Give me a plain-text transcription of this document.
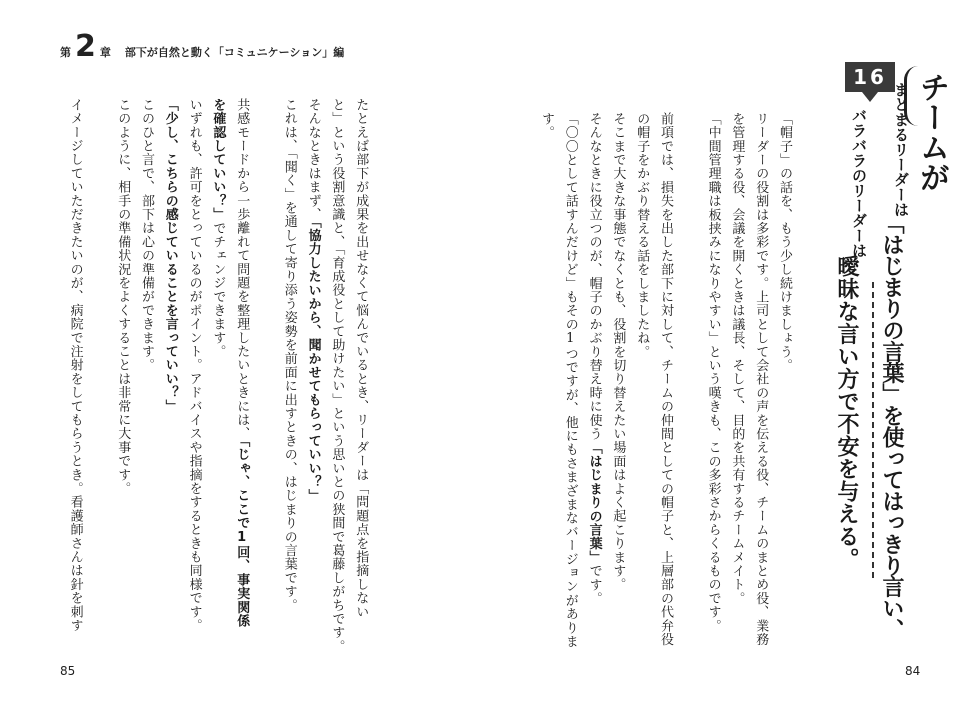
第 2 章 部下が自然と動く「コミュニケーション」編
16 チームが
まとまるリーダーは
「はじまりの言葉」を使ってはっきり言い、
バラバラのリーダーは
曖昧な言い方で不安を与える。
「帽子」の話を、もう少し続けましょう。
リーダーの役割は多彩です。上司として会社の声を伝える役、チームのまとめ役、業務
を管理する役、会議を開くときは議長、そして、目的を共有するチームメイト。
「中間管理職は板挟みになりやすい」という嘆きも、この多彩さからくるものです。
前項では、損失を出した部下に対して、チームの仲間としての帽子と、上層部の代弁役
の帽子をかぶり替える話をしましたね。
そこまで大きな事態でなくとも、役割を切り替えたい場面はよく起こります。
そんなときに役立つのが、帽子のかぶり替え時に使う「はじまりの言葉」です。
「〇〇として話すんだけど」もその1つですが、他にもさまざまなバージョンがありま
す。
たとえば部下が成果を出せなくて悩んでいるとき、リーダーは「問題点を指摘しない
と」という役割意識と、「育成役として助けたい」という思いとの狭間で葛藤しがちです。
そんなときはまず、「協力したいから、聞かせてもらっていい？」
これは、「聞く」を通して寄り添う姿勢を前面に出すときの、はじまりの言葉です。
共感モードから一歩離れて問題を整理したいときには、「じゃ、ここで1回、事実関係
を確認していい？」でチェンジできます。
いずれも、許可をとっているのがポイント。アドバイスや指摘をするときも同様です。
「少し、こちらの感じていることを言っていい？」
このひと言で、部下は心の準備ができます。
このように、相手の準備状況をよくすることは非常に大事です。
イメージしていただきたいのが、病院で注射をしてもらうとき。看護師さんは針を刺す
85	84
